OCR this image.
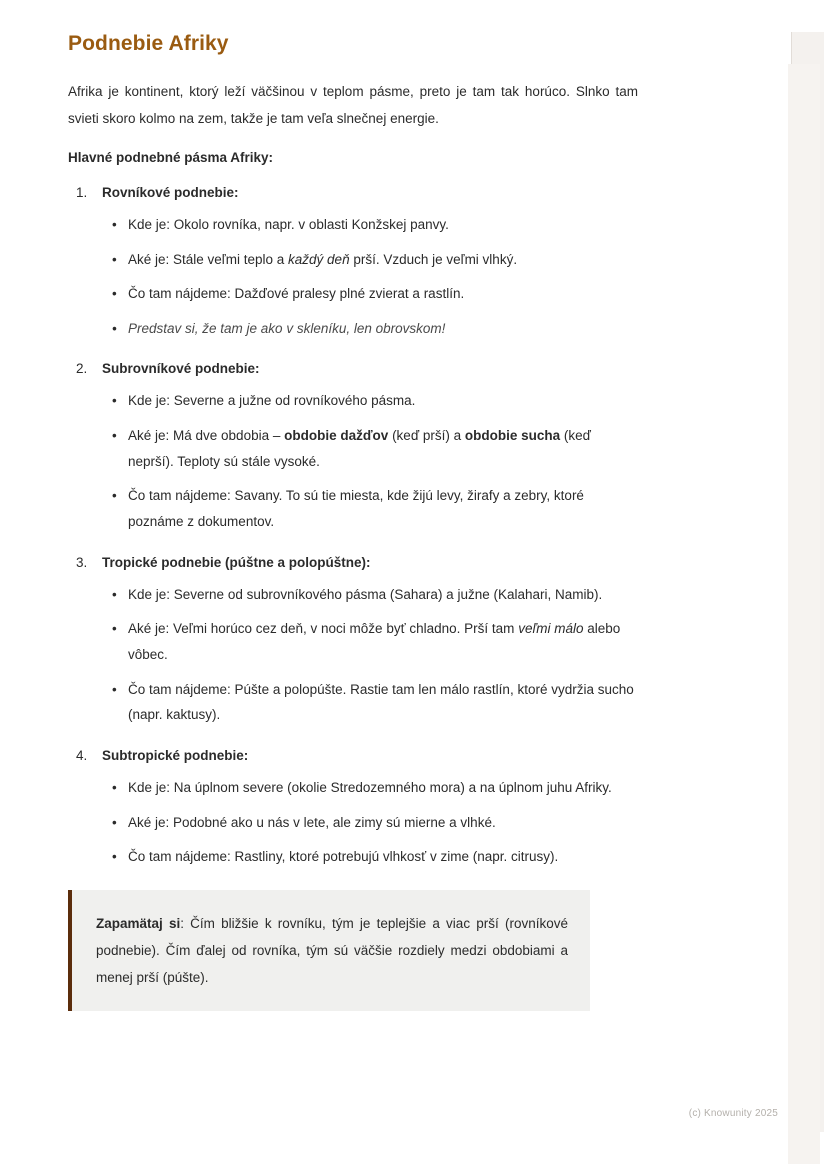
Podnebie Afriky

Afrika je kontinent, ktorý leží väčšinou v teplom pásme, preto je tam tak horúco. Slnko tam svieti skoro kolmo na zem, takže je tam veľa slnečnej energie.

Hlavné podnebné pásma Afriky:
Rovníkové podnebie:
• Kde je: Okolo rovníka, napr. v oblasti Konžskej panvy.
• Aké je: Stále veľmi teplo a každý deň prší. Vzduch je veľmi vlhký.
• Čo tam nájdeme: Dažďové pralesy plné zvierat a rastlín.
• Predstav si, že tam je ako v skleníku, len obrovskom!
Subrovníkové podnebie:
• Kde je: Severne a južne od rovníkového pásma.
• Aké je: Má dve obdobia – obdobie dažďov (keď prší) a obdobie sucha (keď neprší). Teploty sú stále vysoké.
• Čo tam nájdeme: Savany. To sú tie miesta, kde žijú levy, žirafy a zebry, ktoré poznáme z dokumentov.
Tropické podnebie (púštne a polopúštne):
• Kde je: Severne od subrovníkového pásma (Sahara) a južne (Kalahari, Namib).
• Aké je: Veľmi horúco cez deň, v noci môže byť chladno. Prší tam veľmi málo alebo vôbec.
• Čo tam nájdeme: Púšte a polopúšte. Rastie tam len málo rastlín, ktoré vydržia sucho (napr. kaktusy).
Subtropické podnebie:
• Kde je: Na úplnom severe (okolie Stredozemného mora) a na úplnom juhu Afriky.
• Aké je: Podobné ako u nás v lete, ale zimy sú mierne a vlhké.
• Čo tam nájdeme: Rastliny, ktoré potrebujú vlhkosť v zime (napr. citrusy).
Zapamätaj si: Čím bližšie k rovníku, tým je teplejšie a viac prší (rovníkové podnebie). Čím ďalej od rovníka, tým sú väčšie rozdiely medzi obdobiami a menej prší (púšte).
(c) Knowunity 2025
